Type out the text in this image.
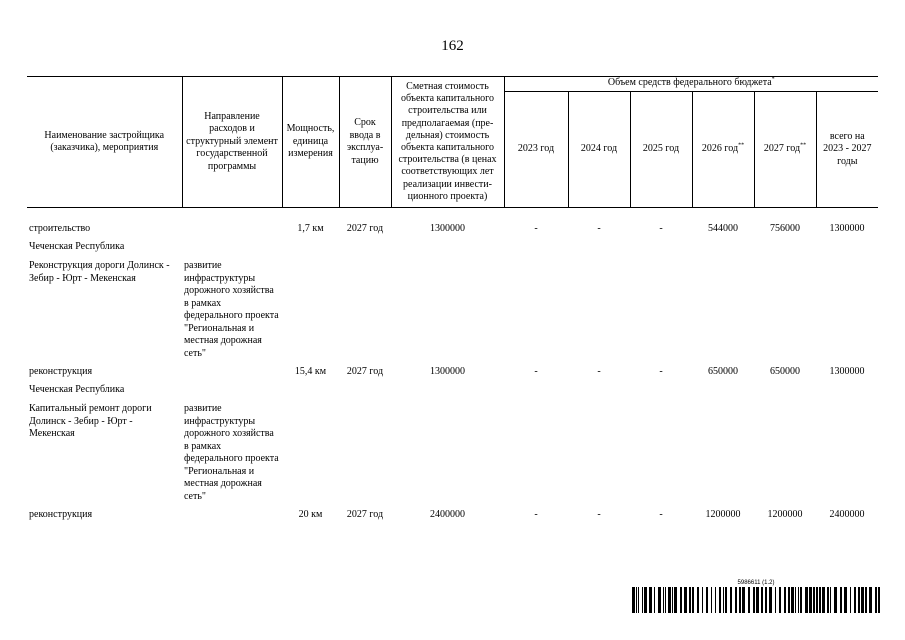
162
Наименование застройщика (заказчика), мероприятия	Направление расходов и структурный элемент государственной программы	Мощность, единица измерения	Срок ввода в эксплуа-тацию	Сметная стоимость объекта капитального строительства или предполагаемая (пре-дельная) стоимость объекта капитального строительства (в ценах соответствующих лет реализации инвести-ционного проекта)	Объем средств федерального бюджета*
					2023 год	2024 год	2025 год	2026 год**	2027 год**	всего на 2023 - 2027 годы

строительство		1,7 км	2027 год	1300000	-	-	-	544000	756000	1300000
Чеченская Республика										
Реконструкция дороги Долинск - Зебир - Юрт - Мекенская	развитие инфраструктуры дорожного хозяйства в рамках федерального проекта "Региональная и местная дорожная сеть"									
реконструкция		15,4 км	2027 год	1300000	-	-	-	650000	650000	1300000
Чеченская Республика										
Капитальный ремонт дороги Долинск - Зебир - Юрт - Мекенская	развитие инфраструктуры дорожного хозяйства в рамках федерального проекта "Региональная и местная дорожная сеть"									
реконструкция		20 км	2027 год	2400000	-	-	-	1200000	1200000	2400000
5986611 (1.2)
